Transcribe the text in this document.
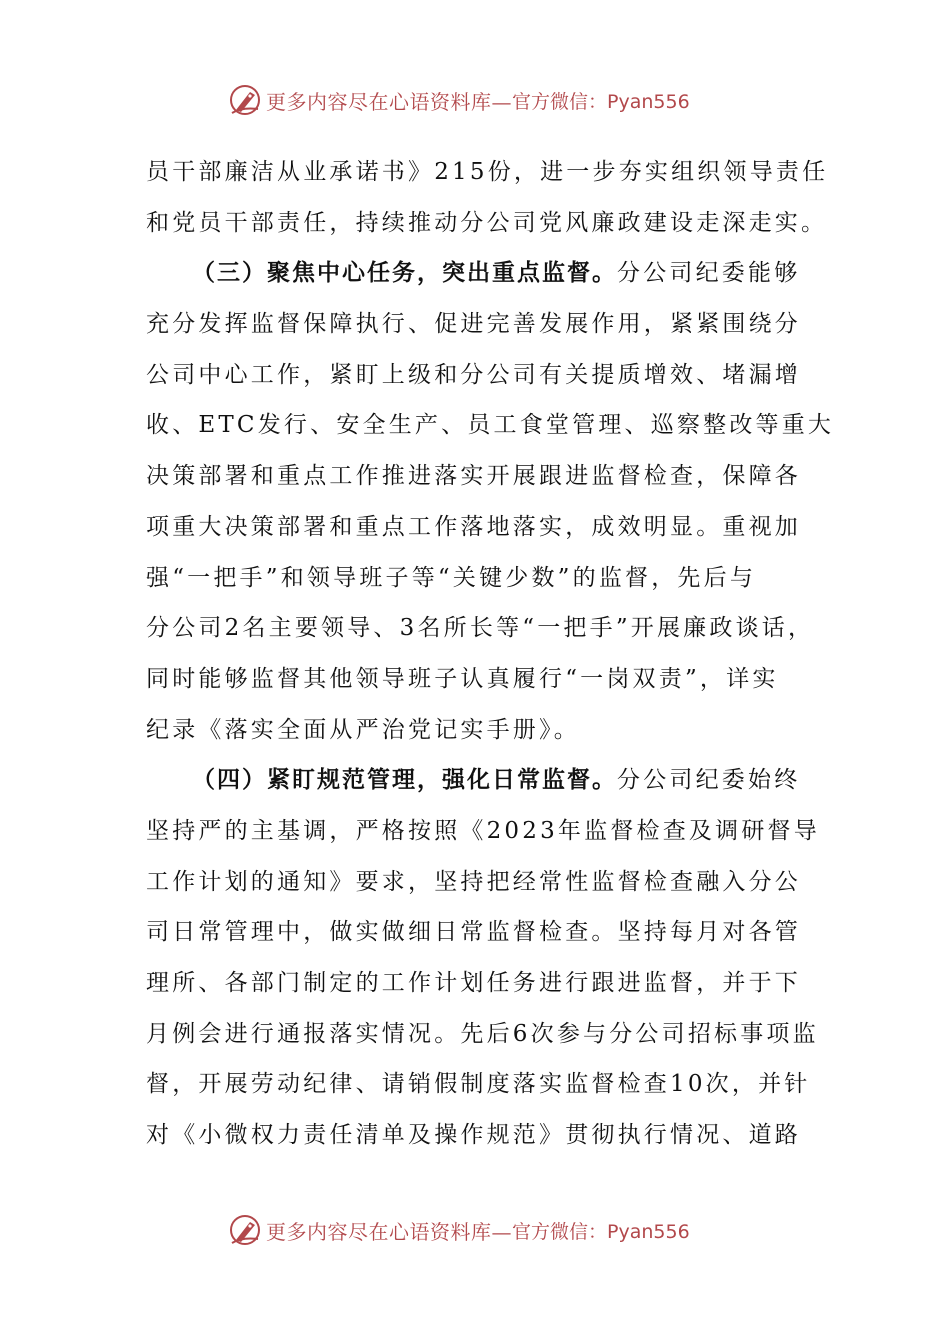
更多内容尽在心语资料库— 官方微信：Pyan556
员干部廉洁从业承诺书》215份，进一步夯实组织领导责任
和党员干部责任，持续推动分公司党风廉政建设走深走实。
（三）聚焦中心任务，突出重点监督。分公司纪委能够
充分发挥监督保障执行、促进完善发展作用，紧紧围绕分
公司中心工作，紧盯上级和分公司有关提质增效、堵漏增
收、ETC发行、安全生产、员工食堂管理、巡察整改等重大
决策部署和重点工作推进落实开展跟进监督检查，保障各
项重大决策部署和重点工作落地落实，成效明显。重视加
强“一把手”和领导班子等“关键少数”的监督，先后与
分公司2名主要领导、3名所长等“一把手”开展廉政谈话，
同时能够监督其他领导班子认真履行“一岗双责”，详实
纪录《落实全面从严治党记实手册》。
（四）紧盯规范管理，强化日常监督。分公司纪委始终
坚持严的主基调，严格按照《2023年监督检查及调研督导
工作计划的通知》要求，坚持把经常性监督检查融入分公
司日常管理中，做实做细日常监督检查。坚持每月对各管
理所、各部门制定的工作计划任务进行跟进监督，并于下
月例会进行通报落实情况。先后6次参与分公司招标事项监
督，开展劳动纪律、请销假制度落实监督检查10次，并针
对《小微权力责任清单及操作规范》贯彻执行情况、道路
更多内容尽在心语资料库— 官方微信：Pyan556
